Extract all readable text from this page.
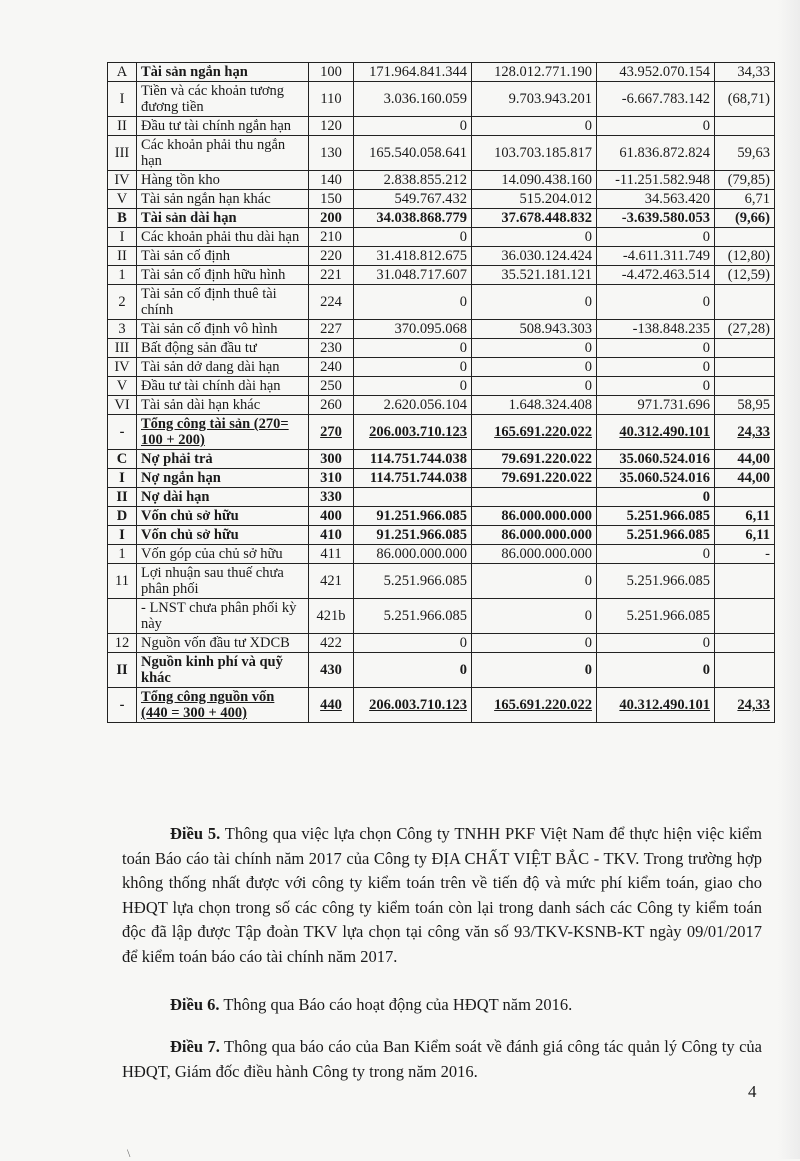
A	Tài sản ngắn hạn	100	171.964.841.344	128.012.771.190	43.952.070.154	34,33
I	Tiền và các khoản tương đương tiền	110	3.036.160.059	9.703.943.201	-6.667.783.142	(68,71)
II	Đầu tư tài chính ngắn hạn	120	0	0	0	
III	Các khoản phải thu ngắn hạn	130	165.540.058.641	103.703.185.817	61.836.872.824	59,63
IV	Hàng tồn kho	140	2.838.855.212	14.090.438.160	-11.251.582.948	(79,85)
V	Tài sản ngắn hạn khác	150	549.767.432	515.204.012	34.563.420	6,71
B	Tài sản dài hạn	200	34.038.868.779	37.678.448.832	-3.639.580.053	(9,66)
I	Các khoản phải thu dài hạn	210	0	0	0	
II	Tài sản cố định	220	31.418.812.675	36.030.124.424	-4.611.311.749	(12,80)
1	Tài sản cố định hữu hình	221	31.048.717.607	35.521.181.121	-4.472.463.514	(12,59)
2	Tài sản cố định thuê tài chính	224	0	0	0	
3	Tài sản cố định vô hình	227	370.095.068	508.943.303	-138.848.235	(27,28)
III	Bất động sản đầu tư	230	0	0	0	
IV	Tài sản dở dang dài hạn	240	0	0	0	
V	Đầu tư tài chính dài hạn	250	0	0	0	
VI	Tài sản dài hạn khác	260	2.620.056.104	1.648.324.408	971.731.696	58,95
-	Tổng công tài sản (270= 100 + 200)	270	206.003.710.123	165.691.220.022	40.312.490.101	24,33
C	Nợ phải trả	300	114.751.744.038	79.691.220.022	35.060.524.016	44,00
I	Nợ ngắn hạn	310	114.751.744.038	79.691.220.022	35.060.524.016	44,00
II	Nợ dài hạn	330			0	
D	Vốn chủ sở hữu	400	91.251.966.085	86.000.000.000	5.251.966.085	6,11
I	Vốn chủ sở hữu	410	91.251.966.085	86.000.000.000	5.251.966.085	6,11
1	Vốn góp của chủ sở hữu	411	86.000.000.000	86.000.000.000	0	-
11	Lợi nhuận sau thuế chưa phân phối	421	5.251.966.085	0	5.251.966.085	
	- LNST chưa phân phối kỳ này	421b	5.251.966.085	0	5.251.966.085	
12	Nguồn vốn đầu tư XDCB	422	0	0	0	
II	Nguồn kinh phí và quỹ khác	430	0	0	0	
-	Tổng công nguồn vốn (440 = 300 + 400)	440	206.003.710.123	165.691.220.022	40.312.490.101	24,33
Điều 5. Thông qua việc lựa chọn Công ty TNHH PKF Việt Nam để thực hiện việc kiểm toán Báo cáo tài chính năm 2017 của Công ty ĐỊA CHẤT VIỆT BẮC - TKV. Trong trường hợp không thống nhất được với công ty kiểm toán trên về tiến độ và mức phí kiểm toán, giao cho HĐQT lựa chọn trong số các công ty kiểm toán còn lại trong danh sách các Công ty kiểm toán độc đã lập được Tập đoàn TKV lựa chọn tại công văn số 93/TKV-KSNB-KT ngày 09/01/2017 để kiểm toán báo cáo tài chính năm 2017.
Điều 6. Thông qua Báo cáo hoạt động của HĐQT năm 2016.
Điều 7. Thông qua báo cáo của Ban Kiểm soát về đánh giá công tác quản lý Công ty của HĐQT, Giám đốc điều hành Công ty trong năm 2016.
4
\
